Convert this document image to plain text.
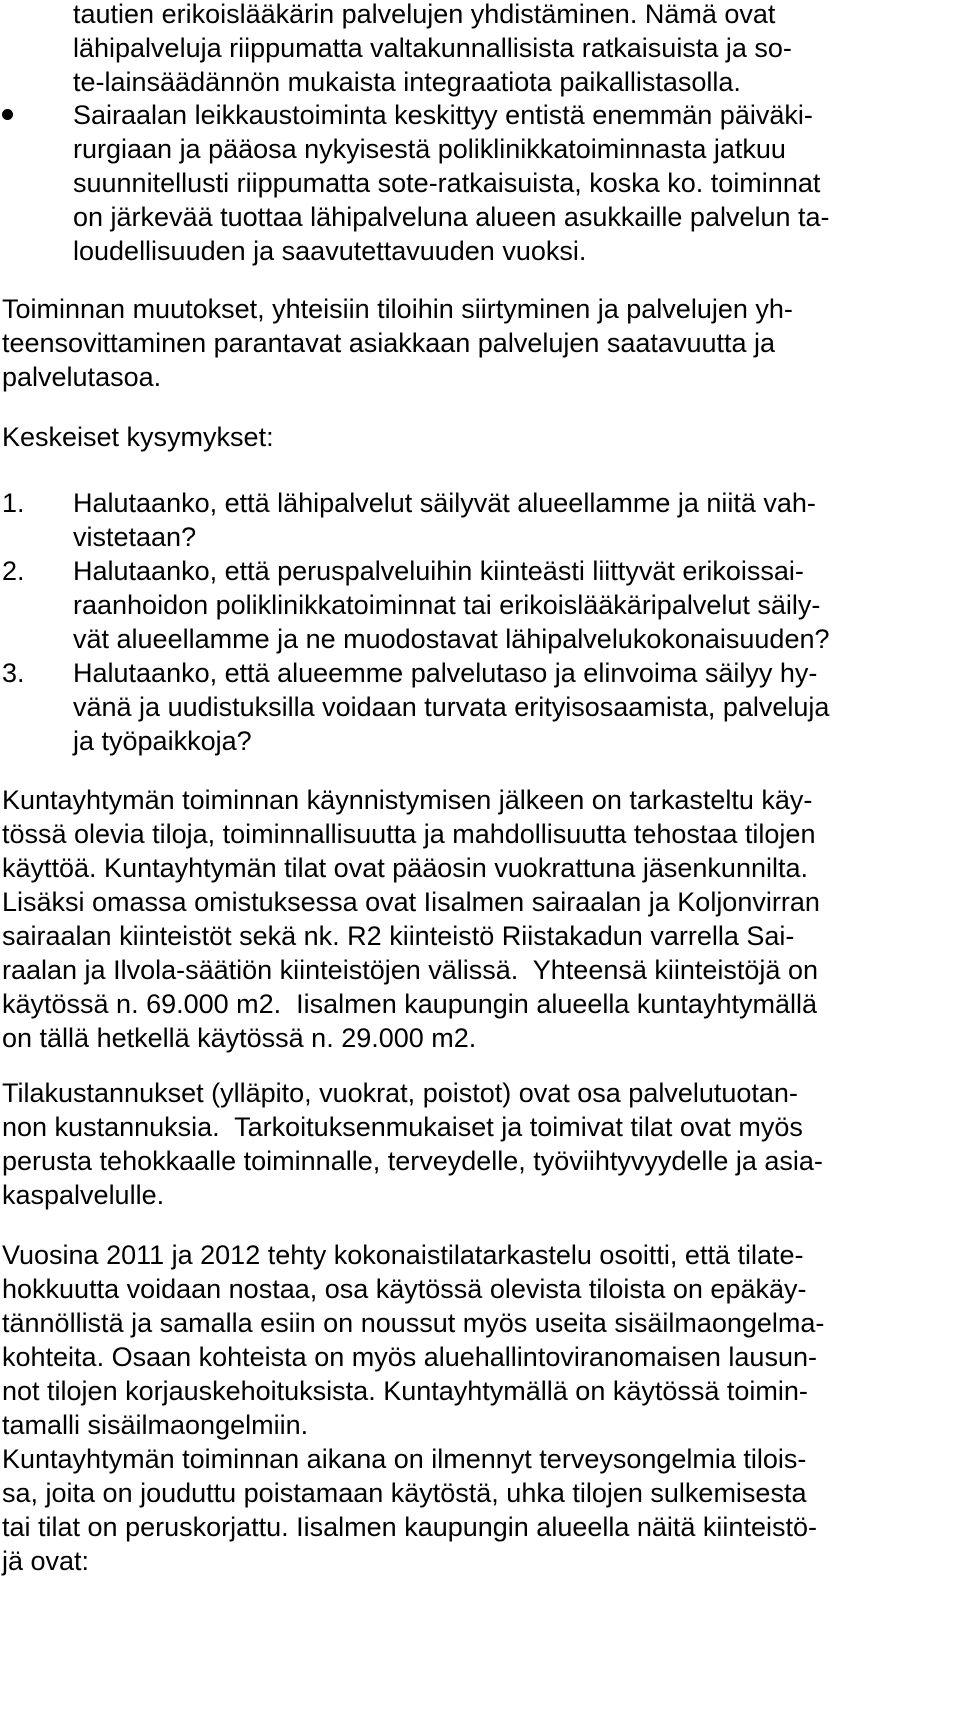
tautien erikoislääkärin palvelujen yhdistäminen. Nämä ovat

lähipalveluja riippumatta valtakunnallisista ratkaisuista ja so-

te-lainsäädännön mukaista integraatiota paikallistasolla.

Sairaalan leikkaustoiminta keskittyy entistä enemmän päiväki-

rurgiaan ja pääosa nykyisestä poliklinikkatoiminnasta jatkuu

suunnitellusti riippumatta sote-ratkaisuista, koska ko. toiminnat

on järkevää tuottaa lähipalveluna alueen asukkaille palvelun ta-

loudellisuuden ja saavutettavuuden vuoksi.

Toiminnan muutokset, yhteisiin tiloihin siirtyminen ja palvelujen yh-

teensovittaminen parantavat asiakkaan palvelujen saatavuutta ja

palvelutasoa.

Keskeiset kysymykset:

1. Halutaanko, että lähipalvelut säilyvät alueellamme ja niitä vah-

vistetaan?

2. Halutaanko, että peruspalveluihin kiinteästi liittyvät erikoissai-

raanhoidon poliklinikkatoiminnat tai erikoislääkäripalvelut säily-

vät alueellamme ja ne muodostavat lähipalvelukokonaisuuden?

3. Halutaanko, että alueemme palvelutaso ja elinvoima säilyy hy-

vänä ja uudistuksilla voidaan turvata erityisosaamista, palveluja

ja työpaikkoja?

Kuntayhtymän toiminnan käynnistymisen jälkeen on tarkasteltu käy-

tössä olevia tiloja, toiminnallisuutta ja mahdollisuutta tehostaa tilojen

käyttöä. Kuntayhtymän tilat ovat pääosin vuokrattuna jäsenkunnilta.

Lisäksi omassa omistuksessa ovat Iisalmen sairaalan ja Koljonvirran

sairaalan kiinteistöt sekä nk. R2 kiinteistö Riistakadun varrella Sai-

raalan ja Ilvola-säätiön kiinteistöjen välissä.  Yhteensä kiinteistöjä on

käytössä n. 69.000 m2.  Iisalmen kaupungin alueella kuntayhtymällä

on tällä hetkellä käytössä n. 29.000 m2.

Tilakustannukset (ylläpito, vuokrat, poistot) ovat osa palvelutuotan-

non kustannuksia.  Tarkoituksenmukaiset ja toimivat tilat ovat myös

perusta tehokkaalle toiminnalle, terveydelle, työviihtyvyydelle ja asia-

kaspalvelulle.

Vuosina 2011 ja 2012 tehty kokonaistilatarkastelu osoitti, että tilate-

hokkuutta voidaan nostaa, osa käytössä olevista tiloista on epäkäy-

tännöllistä ja samalla esiin on noussut myös useita sisäilmaongelma-

kohteita. Osaan kohteista on myös aluehallintoviranomaisen lausun-

not tilojen korjauskehoituksista. Kuntayhtymällä on käytössä toimin-

tamalli sisäilmaongelmiin.

Kuntayhtymän toiminnan aikana on ilmennyt terveysongelmia tilois-

sa, joita on jouduttu poistamaan käytöstä, uhka tilojen sulkemisesta

tai tilat on peruskorjattu. Iisalmen kaupungin alueella näitä kiinteistö-

jä ovat:
